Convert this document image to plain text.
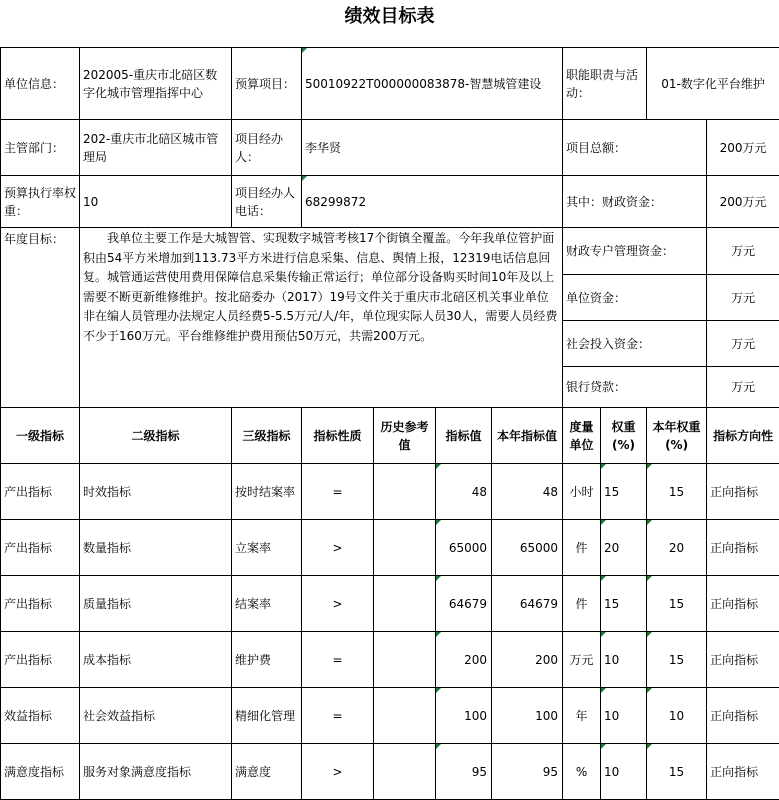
绩效目标表
单位信息：	202005-重庆市北碚区数字化城市管理指挥中心	预算项目：	50010922T000000083878-智慧城管建设				职能职责与活动：		01-数字化平台维护	
主管部门：	202-重庆市北碚区城市管理局	项目经办人：	李华贤				项目总额：			200万元
预算执行率权重：	10	项目经办人电话：	68299872				其中：财政资金：			200万元
年度目标：	我单位主要工作是大城智管、实现数字城管考核17个街镇全覆盖。今年我单位管护面积由54平方米增加到113.73平方米进行信息采集、信息、舆情上报，12319电话信息回复。城管通运营使用费用保障信息采集传输正常运行；单位部分设备购买时间10年及以上需要不断更新维修维护。按北碚委办（2017）19号文件关于重庆市北碚区机关事业单位非在编人员管理办法规定人员经费5-5.5万元/人/年，单位现实际人员30人，需要人员经费不少于160万元。平台维修维护费用预估50万元，共需200万元。						财政专户管理资金：			万元
							单位资金：			万元
							社会投入资金：			万元
							银行贷款：			万元
一级指标	二级指标	三级指标	指标性质	历史参考值	指标值	本年指标值	度量单位	权重(%)	本年权重(%)	指标方向性
产出指标	时效指标	按时结案率	=		48	48	小时	15	15	正向指标
产出指标	数量指标	立案率	>		65000	65000	件	20	20	正向指标
产出指标	质量指标	结案率	>		64679	64679	件	15	15	正向指标
产出指标	成本指标	维护费	=		200	200	万元	10	15	正向指标
效益指标	社会效益指标	精细化管理	=		100	100	年	10	10	正向指标
满意度指标	服务对象满意度指标	满意度	>		95	95	%	10	15	正向指标
